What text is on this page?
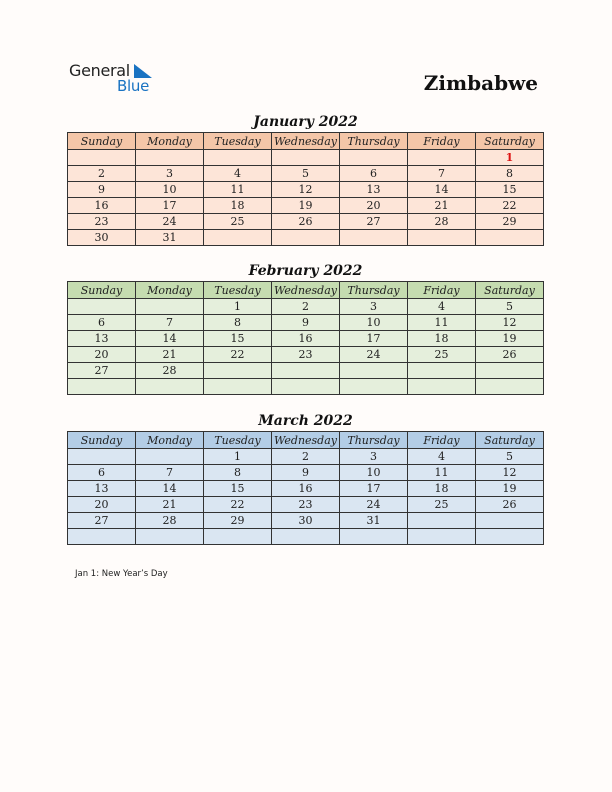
General
Blue	Zimbabwe
January 2022
Sunday	Monday	Tuesday	Wednesday	Thursday	Friday	Saturday
						1
2	3	4	5	6	7	8
9	10	11	12	13	14	15
16	17	18	19	20	21	22
23	24	25	26	27	28	29
30	31					
February 2022
Sunday	Monday	Tuesday	Wednesday	Thursday	Friday	Saturday
		1	2	3	4	5
6	7	8	9	10	11	12
13	14	15	16	17	18	19
20	21	22	23	24	25	26
27	28					

March 2022
Sunday	Monday	Tuesday	Wednesday	Thursday	Friday	Saturday
		1	2	3	4	5
6	7	8	9	10	11	12
13	14	15	16	17	18	19
20	21	22	23	24	25	26
27	28	29	30	31		

Jan 1: New Year’s Day
